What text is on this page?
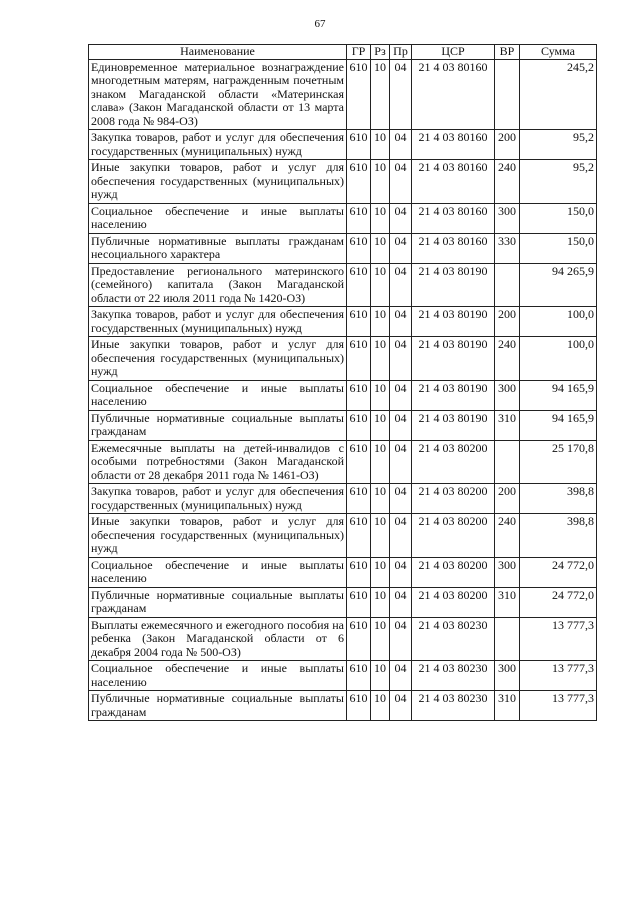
67
Наименование	ГР	Рз	Пр	ЦСР	ВР	Сумма
Единовременное материальное вознаграждение многодетным матерям, награжденным почетным знаком Магаданской области «Материнская слава» (Закон Магаданской области от 13 марта 2008 года № 984-ОЗ)	610	10	04	21 4 03 80160		245,2
Закупка товаров, работ и услуг для обеспечения государственных (муниципальных) нужд	610	10	04	21 4 03 80160	200	95,2
Иные закупки товаров, работ и услуг для обеспечения государственных (муниципальных) нужд	610	10	04	21 4 03 80160	240	95,2
Социальное обеспечение и иные выплаты населению	610	10	04	21 4 03 80160	300	150,0
Публичные нормативные выплаты гражданам несоциального характера	610	10	04	21 4 03 80160	330	150,0
Предоставление регионального материнского (семейного) капитала (Закон Магаданской области от 22 июля 2011 года № 1420-ОЗ)	610	10	04	21 4 03 80190		94 265,9
Закупка товаров, работ и услуг для обеспечения государственных (муниципальных) нужд	610	10	04	21 4 03 80190	200	100,0
Иные закупки товаров, работ и услуг для обеспечения государственных (муниципальных) нужд	610	10	04	21 4 03 80190	240	100,0
Социальное обеспечение и иные выплаты населению	610	10	04	21 4 03 80190	300	94 165,9
Публичные нормативные социальные выплаты гражданам	610	10	04	21 4 03 80190	310	94 165,9
Ежемесячные выплаты на детей-инвалидов с особыми потребностями (Закон Магаданской области от 28 декабря 2011 года № 1461-ОЗ)	610	10	04	21 4 03 80200		25 170,8
Закупка товаров, работ и услуг для обеспечения государственных (муниципальных) нужд	610	10	04	21 4 03 80200	200	398,8
Иные закупки товаров, работ и услуг для обеспечения государственных (муниципальных) нужд	610	10	04	21 4 03 80200	240	398,8
Социальное обеспечение и иные выплаты населению	610	10	04	21 4 03 80200	300	24 772,0
Публичные нормативные социальные выплаты гражданам	610	10	04	21 4 03 80200	310	24 772,0
Выплаты ежемесячного и ежегодного пособия на ребенка (Закон Магаданской области от 6 декабря 2004 года № 500-ОЗ)	610	10	04	21 4 03 80230		13 777,3
Социальное обеспечение и иные выплаты населению	610	10	04	21 4 03 80230	300	13 777,3
Публичные нормативные социальные выплаты гражданам	610	10	04	21 4 03 80230	310	13 777,3
